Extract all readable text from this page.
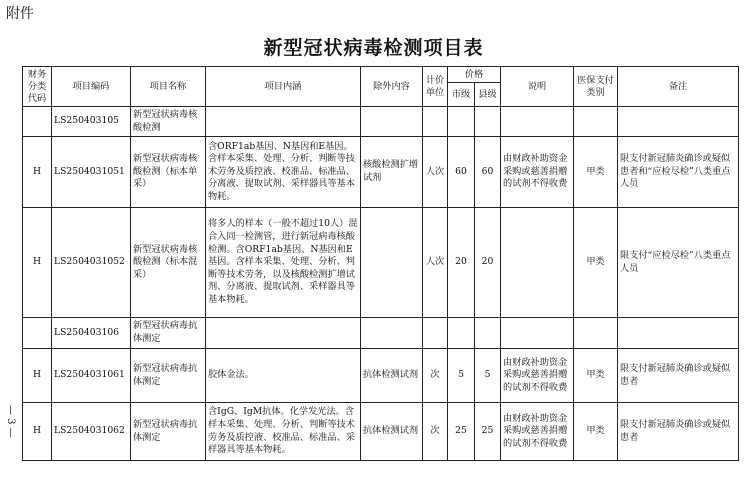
附件
新型冠状病毒检测项目表
— 3 —
财务分类代码	项目编码	项目名称	项目内涵	除外内容	计价单位	价格		说明	医保支付类别	备注
						市级	县级			
	LS250403105	新型冠状病毒核酸检测								
H	LS2504031051	新型冠状病毒核酸检测（标本单采）	含ORF1ab基因、N基因和E基因。含样本采集、处理、分析、判断等技术劳务及质控液、校准品、标准品、分离液、提取试剂、采样器具等基本物耗。	核酸检测扩增试剂	人次	60	60	由财政补助资金采购或慈善捐赠的试剂不得收费	甲类	限支付新冠肺炎确诊或疑似患者和“应检尽检”八类重点人员
H	LS2504031052	新型冠状病毒核酸检测（标本混采）	将多人的样本（一般不超过10人）混合入同一检测管，进行新冠病毒核酸检测。含ORF1ab基因、N基因和E基因。含样本采集、处理、分析、判断等技术劳务，以及核酸检测扩增试剂、分离液、提取试剂、采样器具等基本物耗。		人次	20	20		甲类	限支付“应检尽检”八类重点人员
	LS250403106	新型冠状病毒抗体测定								
H	LS2504031061	新型冠状病毒抗体测定	胶体金法。	抗体检测试剂	次	5	5	由财政补助资金采购或慈善捐赠的试剂不得收费	甲类	限支付新冠肺炎确诊或疑似患者
H	LS2504031062	新型冠状病毒抗体测定	含IgG、IgM抗体。化学发光法。含样本采集、处理、分析、判断等技术劳务及质控液、校准品、标准品、采样器具等基本物耗。	抗体检测试剂	次	25	25	由财政补助资金采购或慈善捐赠的试剂不得收费	甲类	限支付新冠肺炎确诊或疑似患者
